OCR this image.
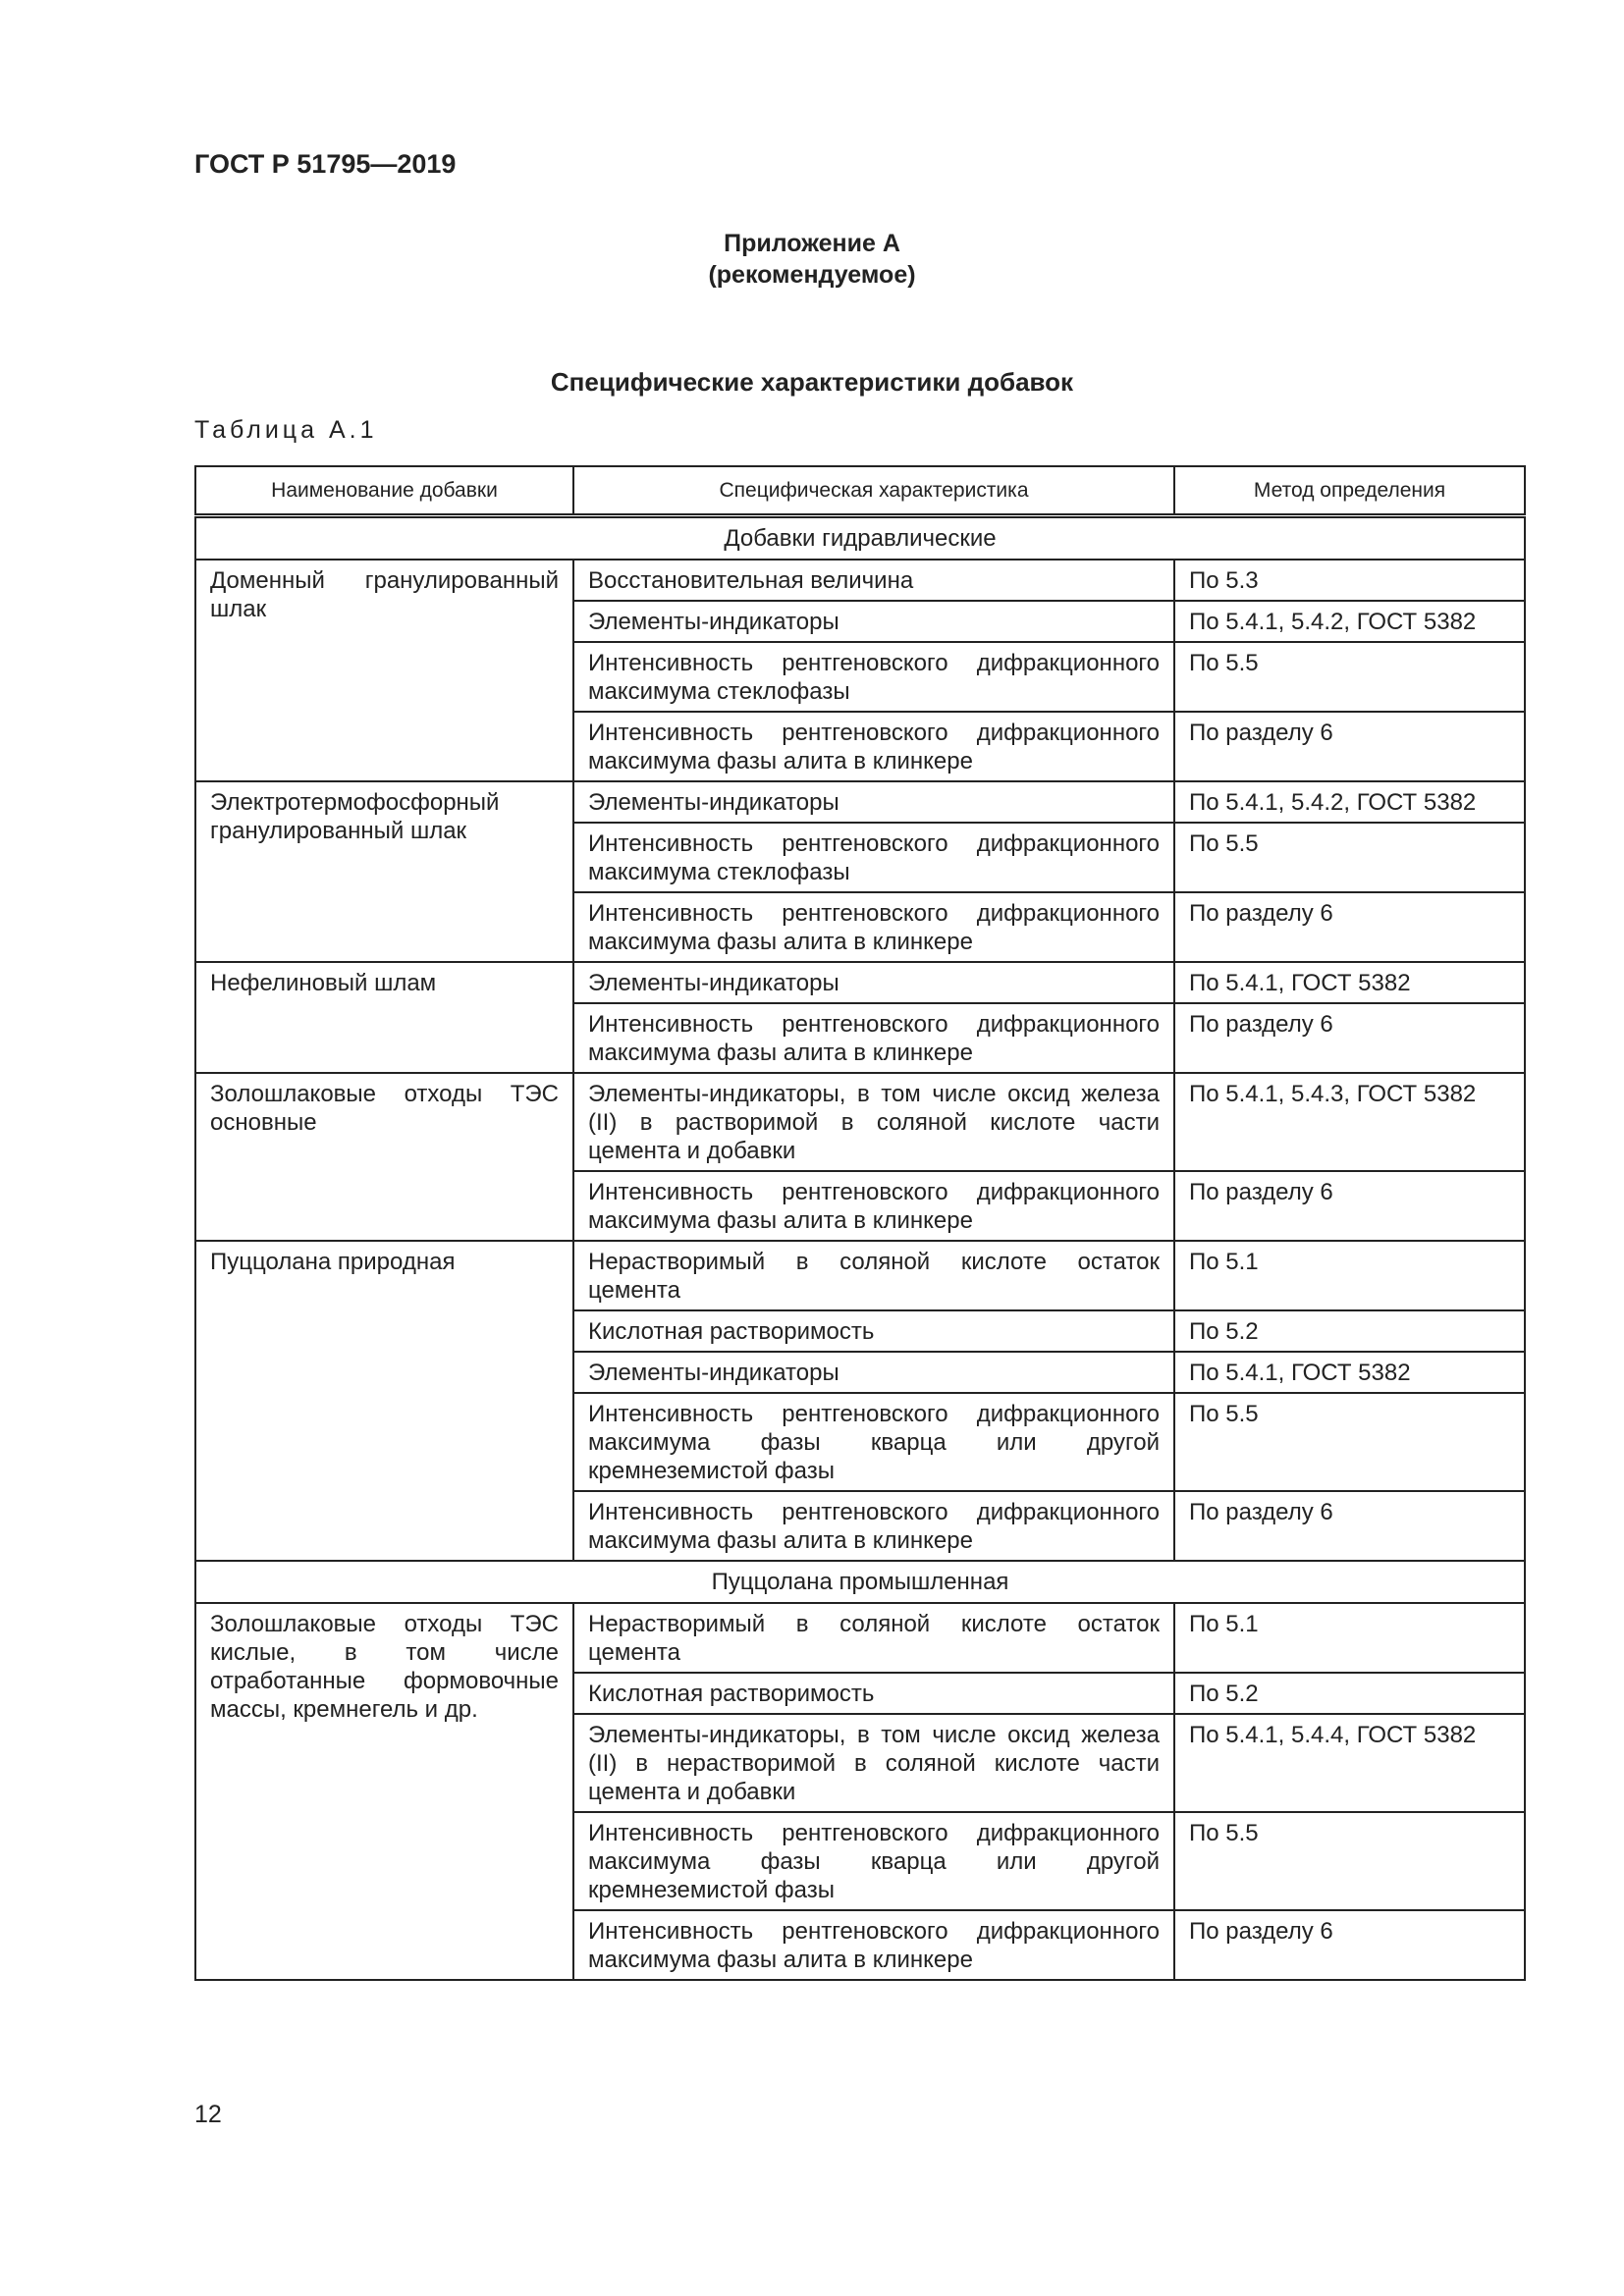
ГОСТ Р 51795—2019
Приложение А
(рекомендуемое)
Специфические характеристики добавок
Таблица А.1
Наименование добавки	Специфическая характеристика	Метод определения
Добавки гидравлические		
Доменный гранулированный шлак	Восстановительная величина	По 5.3
	Элементы-индикаторы	По 5.4.1, 5.4.2, ГОСТ 5382
	Интенсивность рентгеновского дифракционного максимума стеклофазы	По 5.5
	Интенсивность рентгеновского дифракционного максимума фазы алита в клинкере	По разделу 6
Электротермофосфорный гранулированный шлак	Элементы-индикаторы	По 5.4.1, 5.4.2, ГОСТ 5382
	Интенсивность рентгеновского дифракционного максимума стеклофазы	По 5.5
	Интенсивность рентгеновского дифракционного максимума фазы алита в клинкере	По разделу 6
Нефелиновый шлам	Элементы-индикаторы	По 5.4.1, ГОСТ 5382
	Интенсивность рентгеновского дифракционного максимума фазы алита в клинкере	По разделу 6
Золошлаковые отходы ТЭС основные	Элементы-индикаторы, в том числе оксид железа (II) в растворимой в соляной кислоте части цемента и добавки	По 5.4.1, 5.4.3, ГОСТ 5382
	Интенсивность рентгеновского дифракционного максимума фазы алита в клинкере	По разделу 6
Пуццолана природная	Нерастворимый в соляной кислоте остаток цемента	По 5.1
	Кислотная растворимость	По 5.2
	Элементы-индикаторы	По 5.4.1, ГОСТ 5382
	Интенсивность рентгеновского дифракционного максимума фазы кварца или другой кремнеземистой фазы	По 5.5
	Интенсивность рентгеновского дифракционного максимума фазы алита в клинкере	По разделу 6
Пуццолана промышленная		
Золошлаковые отходы ТЭС кислые, в том числе отработанные формовочные массы, кремнегель и др.	Нерастворимый в соляной кислоте остаток цемента	По 5.1
	Кислотная растворимость	По 5.2
	Элементы-индикаторы, в том числе оксид железа (II) в нерастворимой в соляной кислоте части цемента и добавки	По 5.4.1, 5.4.4, ГОСТ 5382
	Интенсивность рентгеновского дифракционного максимума фазы кварца или другой кремнеземистой фазы	По 5.5
	Интенсивность рентгеновского дифракционного максимума фазы алита в клинкере	По разделу 6
12
